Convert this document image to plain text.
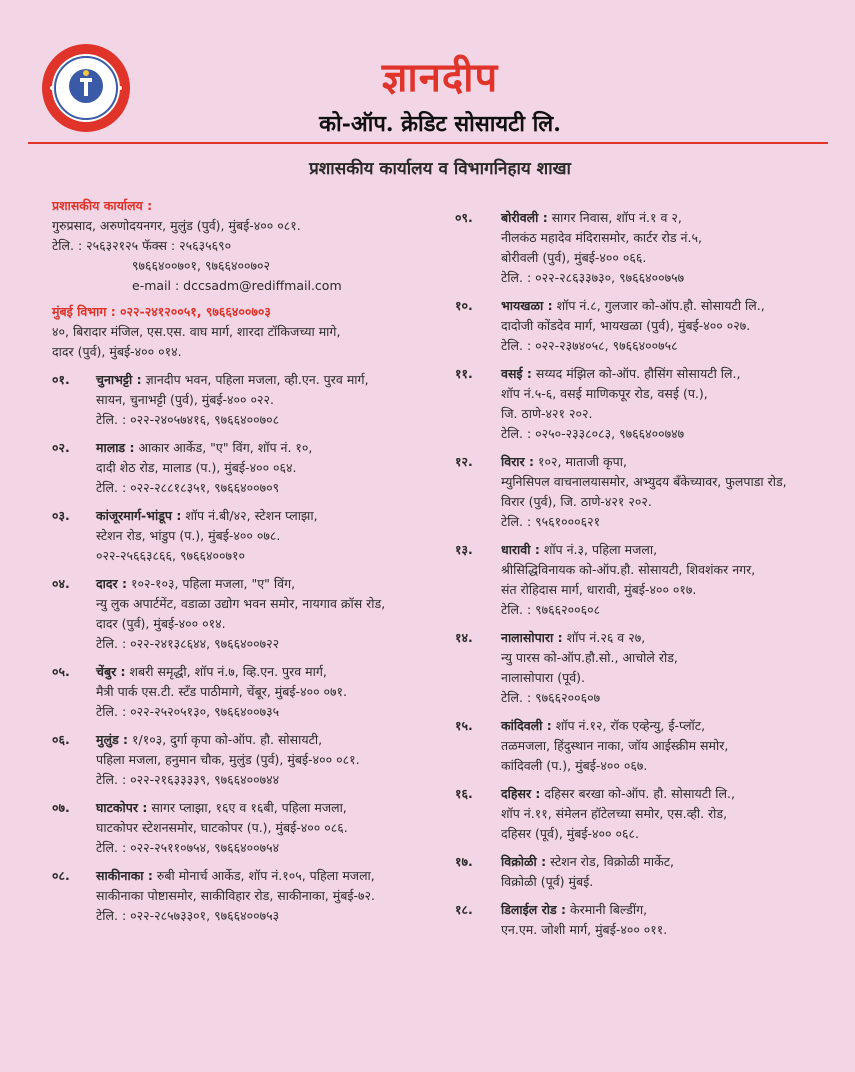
ज्ञानदीप
को-ऑप. क्रेडिट सोसायटी लि.
प्रशासकीय कार्यालय व विभागनिहाय शाखा
प्रशासकीय कार्यालय :
गुरुप्रसाद, अरुणोदयनगर, मुलुंड (पुर्व), मुंबई-४०० ०८१.
टेलि. : २५६३२१२५ फॅक्स : २५६३५६९०
९७६६४००७०१, ९७६६४००७०२
e-mail : dccsadm@rediffmail.com
मुंबई विभाग : ०२२-२४१२००५१, ९७६६४००७०३
४०, बिरादार मंजिल, एस.एस. वाघ मार्ग, शारदा टॉकिजच्या मागे,
दादर (पुर्व), मुंबई-४०० ०१४.
०१.	चुनाभट्टी : ज्ञानदीप भवन, पहिला मजला, व्ही.एन. पुरव मार्ग,
सायन, चुनाभट्टी (पुर्व), मुंबई-४०० ०२२.
टेलि. : ०२२-२४०५७४१६, ९७६६४००७०८
०२.	मालाड : आकार आर्केड, "ए" विंग, शॉप नं. १०,
दादी शेठ रोड, मालाड (प.), मुंबई-४०० ०६४.
टेलि. : ०२२-२८८१८३५१, ९७६६४००७०९
०३.	कांजूरमार्ग-भांडूप : शॉप नं.बी/४२, स्टेशन प्लाझा,
स्टेशन रोड, भांडुप (प.), मुंबई-४०० ०७८.
०२२-२५६६३८६६, ९७६६४००७१०
०४.	दादर : १०२-१०३, पहिला मजला, "ए" विंग,
न्यु लुक अपार्टमेंट, वडाळा उद्योग भवन समोर, नायगाव क्रॉस रोड,
दादर (पुर्व), मुंबई-४०० ०१४.
टेलि. : ०२२-२४१३८६४४, ९७६६४००७२२
०५.	चेंबुर : शबरी समृद्धी, शॉप नं.७, व्हि.एन. पुरव मार्ग,
मैत्री पार्क एस.टी. स्टँड पाठीमागे, चेंबूर, मुंबई-४०० ०७१.
टेलि. : ०२२-२५२०५१३०, ९७६६४००७३५
०६.	मुलुंड : १/१०३, दुर्गा कृपा को-ऑप. हौ. सोसायटी,
पहिला मजला, हनुमान चौक, मुलुंड (पुर्व), मुंबई-४०० ०८१.
टेलि. : ०२२-२१६३३३३९, ९७६६४००७४४
०७.	घाटकोपर : सागर प्लाझा, १६ए व १६बी, पहिला मजला,
घाटकोपर स्टेशनसमोर, घाटकोपर (प.), मुंबई-४०० ०८६.
टेलि. : ०२२-२५११०७५४, ९७६६४००७५४
०८.	साकीनाका : रुबी मोनार्च आर्केड, शॉप नं.१०५, पहिला मजला,
साकीनाका पोष्टासमोर, साकीविहार रोड, साकीनाका, मुंबई-७२.
टेलि. : ०२२-२८५७३३०१, ९७६६४००७५३
०९.	बोरीवली : सागर निवास, शॉप नं.१ व २,
नीलकंठ महादेव मंदिरासमोर, कार्टर रोड नं.५,
बोरीवली (पुर्व), मुंबई-४०० ०६६.
टेलि. : ०२२-२८६३३७३०, ९७६६४००७५७
१०.	भायखळा : शॉप नं.८, गुलजार को-ऑप.हौ. सोसायटी लि.,
दादोजी कोंडदेव मार्ग, भायखळा (पुर्व), मुंबई-४०० ०२७.
टेलि. : ०२२-२३७४०५८, ९७६६४००७५८
११.	वसई : सय्यद मंझिल को-ऑप. हौसिंग सोसायटी लि.,
शॉप नं.५-६, वसई माणिकपूर रोड, वसई (प.),
जि. ठाणे-४२१ २०२.
टेलि. : ०२५०-२३३८०८३, ९७६६४००७४७
१२.	विरार : १०२, माताजी कृपा,
म्युनिसिपल वाचनालयासमोर, अभ्युदय बँकेच्यावर, फुलपाडा रोड,
विरार (पुर्व), जि. ठाणे-४२१ २०२.
टेलि. : ९५६१०००६२१
१३.	धारावी : शॉप नं.३, पहिला मजला,
श्रीसिद्धिविनायक को-ऑप.हौ. सोसायटी, शिवशंकर नगर,
संत रोहिदास मार्ग, धारावी, मुंबई-४०० ०१७.
टेलि. : ९७६६२००६०८
१४.	नालासोपारा : शॉप नं.२६ व २७,
न्यु पारस को-ऑप.हौ.सो., आचोले रोड,
नालासोपारा (पूर्व).
टेलि. : ९७६६२००६०७
१५.	कांदिवली : शॉप नं.१२, रॉक एव्हेन्यु, ई-प्लॉट,
तळमजला, हिंदुस्थान नाका, जॉय आईस्क्रीम समोर,
कांदिवली (प.), मुंबई-४०० ०६७.
१६.	दहिसर : दहिसर बरखा को-ऑप. हौ. सोसायटी लि.,
शॉप नं.११, संमेलन हॉटेलच्या समोर, एस.व्ही. रोड,
दहिसर (पूर्व), मुंबई-४०० ०६८.
१७.	विक्रोळी : स्टेशन रोड, विक्रोळी मार्केट,
विक्रोळी (पूर्व) मुंबई.
१८.	डिलाईल रोड : केरमानी बिल्डींग,
एन.एम. जोशी मार्ग, मुंबई-४०० ०११.
